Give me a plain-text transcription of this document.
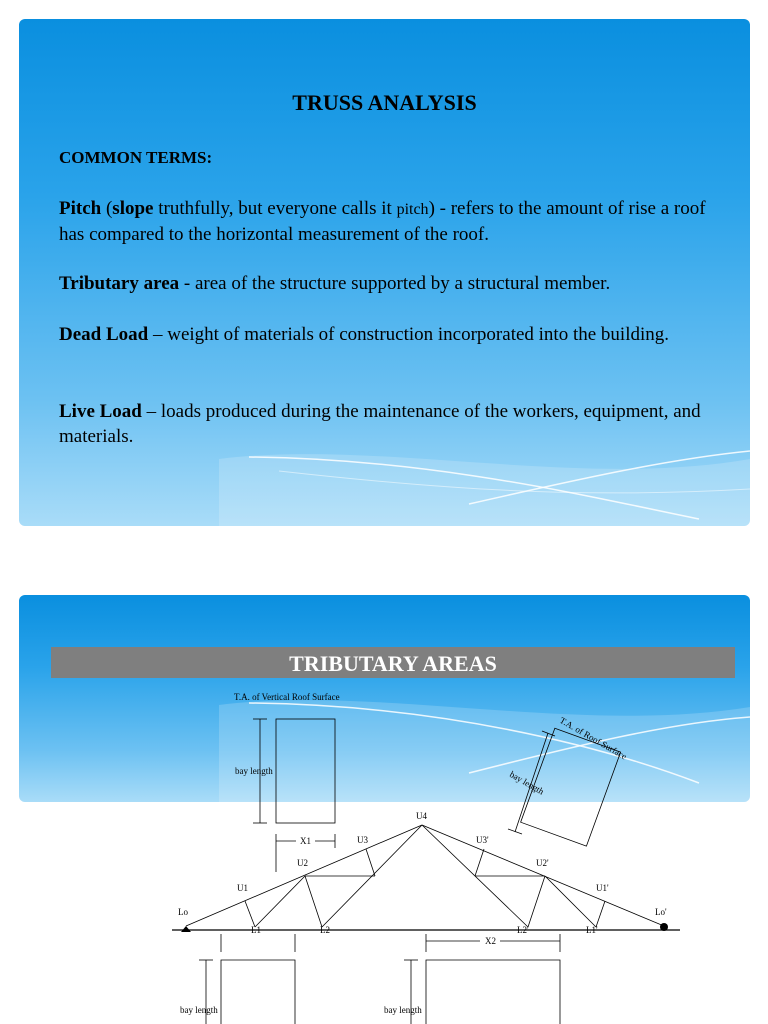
TRUSS ANALYSIS
COMMON TERMS:
Pitch (slope truthfully, but everyone calls it pitch) - refers to the amount of rise a roof has compared to the horizontal measurement of the roof.
Tributary area - area of the structure supported by a structural member.
Dead Load – weight of materials of construction incorporated into the building.
Live Load – loads produced during the maintenance of the workers, equipment, and materials.
TRIBUTARY AREAS
T.A. of Vertical Roof Surface
bay length
X1
T.A. of Roof Surface
bay length
U4
U3	U3'
U2	U2'
U1	U1'
Lo	Lo'
L1	L2	L2'	L1'
X2
bay length	bay length
